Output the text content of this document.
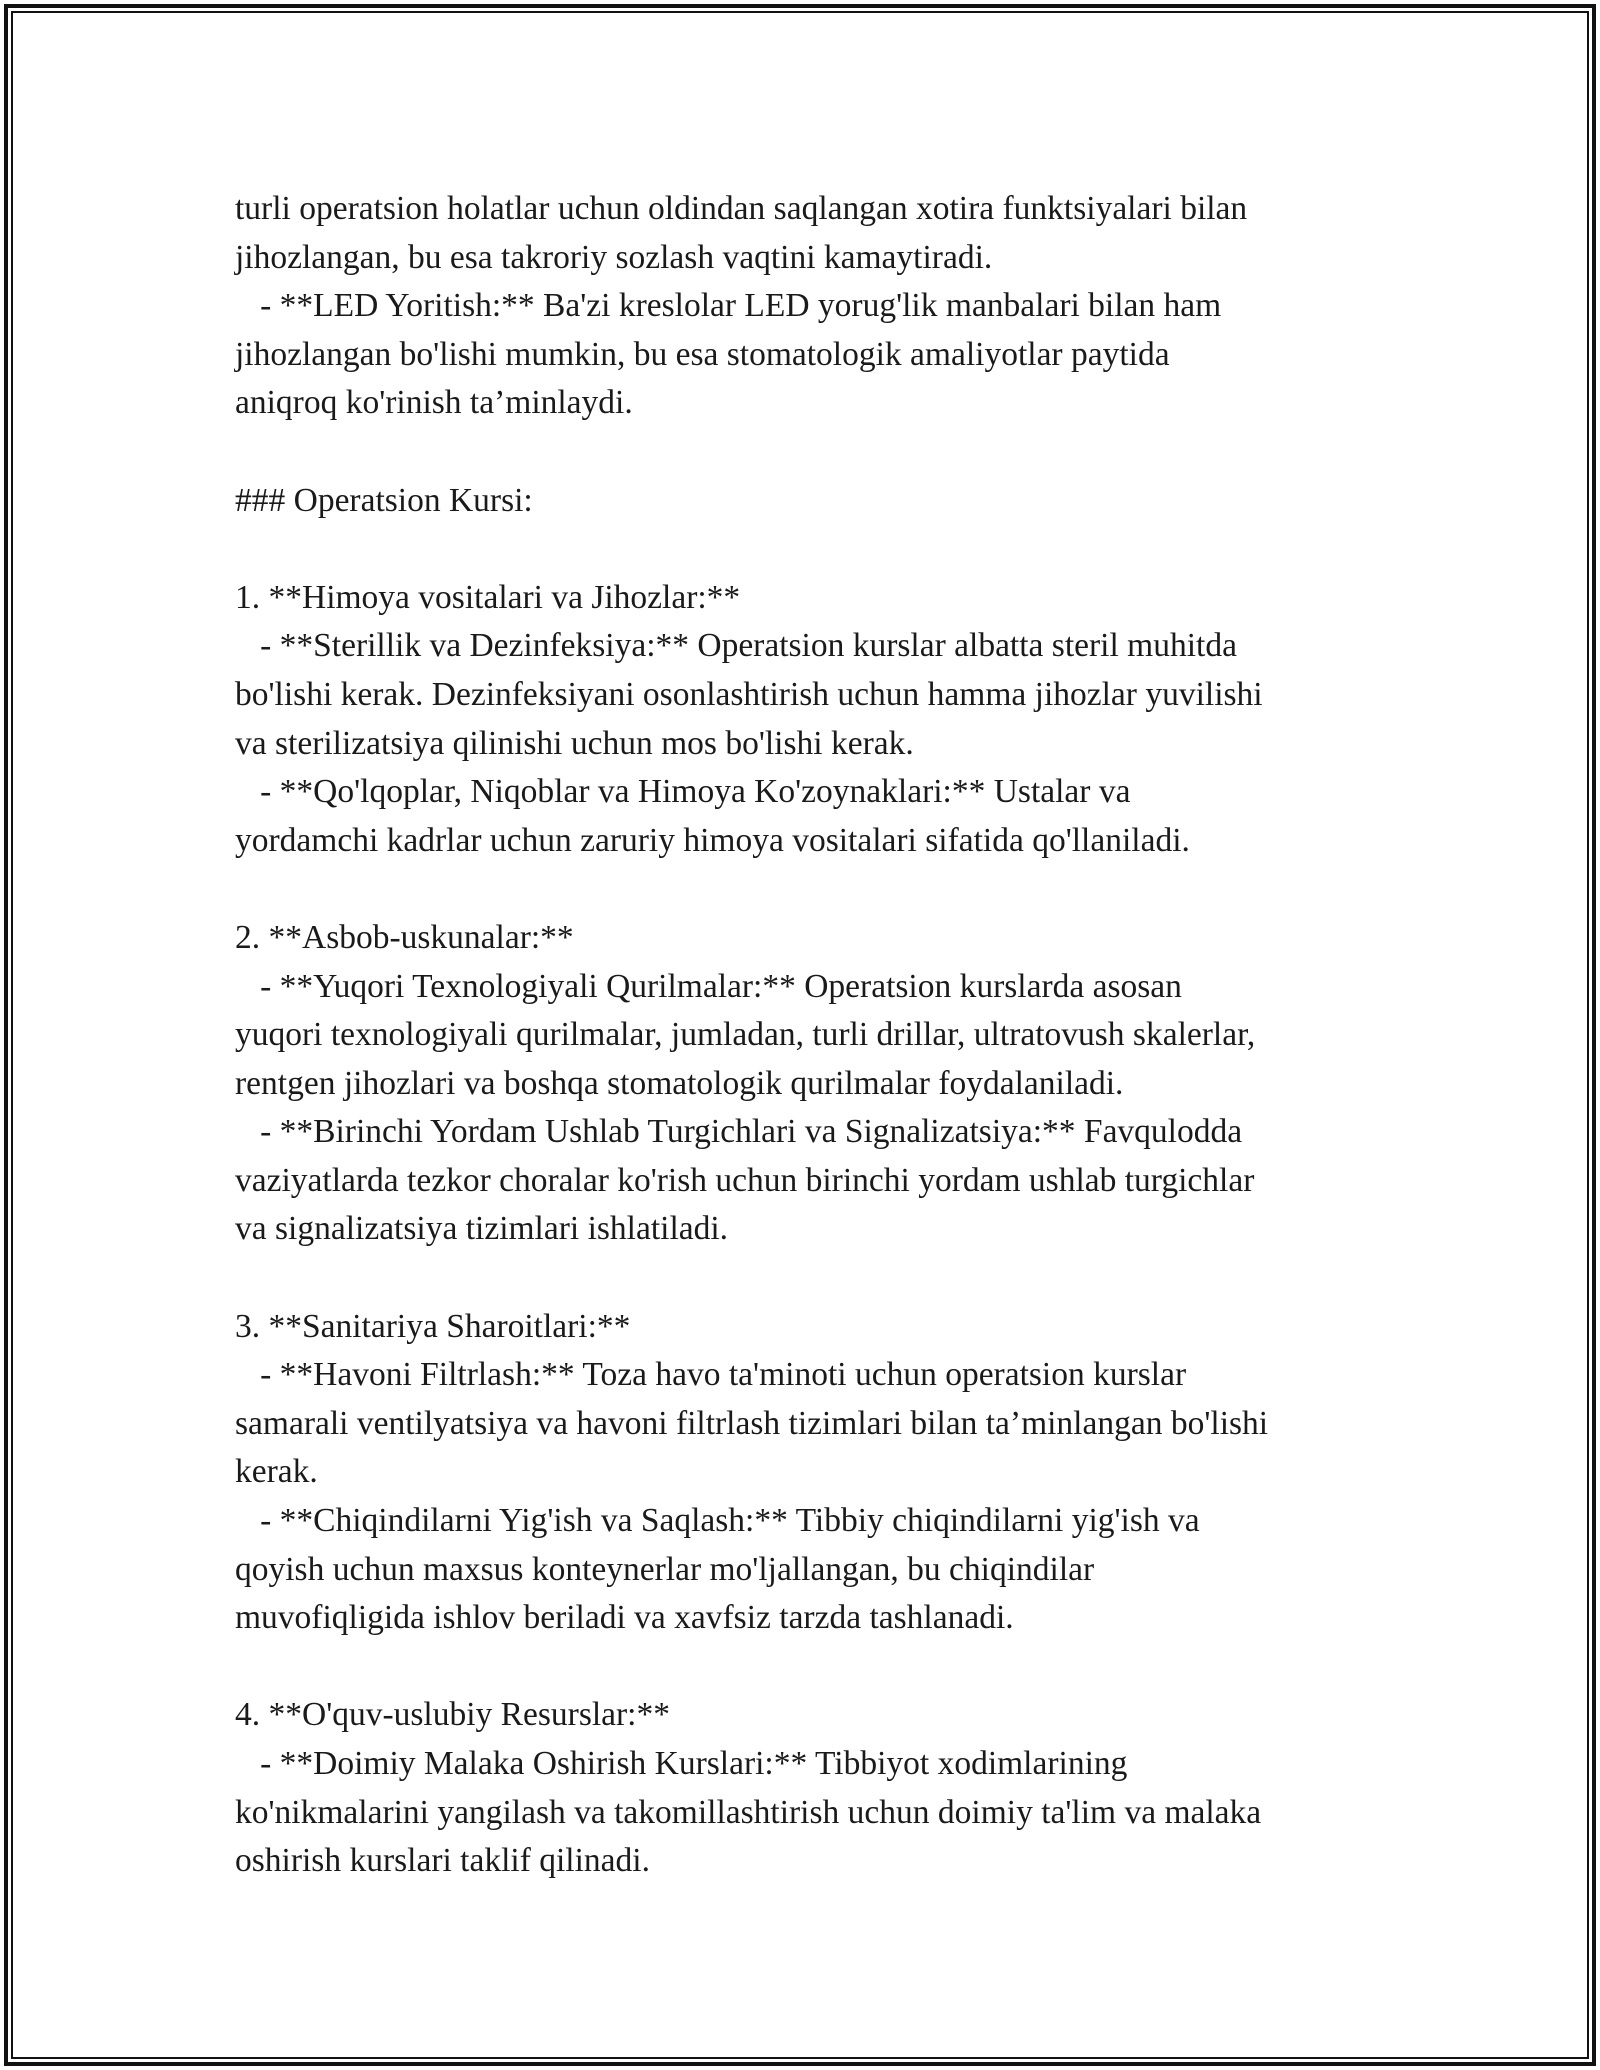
turli operatsion holatlar uchun oldindan saqlangan xotira funktsiyalari bilan
jihozlangan, bu esa takroriy sozlash vaqtini kamaytiradi.
- **LED Yoritish:** Ba'zi kreslolar LED yorug'lik manbalari bilan ham
jihozlangan bo'lishi mumkin, bu esa stomatologik amaliyotlar paytida
aniqroq ko'rinish ta’minlaydi.
### Operatsion Kursi:
1. **Himoya vositalari va Jihozlar:**
- **Sterillik va Dezinfeksiya:** Operatsion kurslar albatta steril muhitda
bo'lishi kerak. Dezinfeksiyani osonlashtirish uchun hamma jihozlar yuvilishi
va sterilizatsiya qilinishi uchun mos bo'lishi kerak.
- **Qo'lqoplar, Niqoblar va Himoya Ko'zoynaklari:** Ustalar va
yordamchi kadrlar uchun zaruriy himoya vositalari sifatida qo'llaniladi.
2. **Asbob-uskunalar:**
- **Yuqori Texnologiyali Qurilmalar:** Operatsion kurslarda asosan
yuqori texnologiyali qurilmalar, jumladan, turli drillar, ultratovush skalerlar,
rentgen jihozlari va boshqa stomatologik qurilmalar foydalaniladi.
- **Birinchi Yordam Ushlab Turgichlari va Signalizatsiya:** Favqulodda
vaziyatlarda tezkor choralar ko'rish uchun birinchi yordam ushlab turgichlar
va signalizatsiya tizimlari ishlatiladi.
3. **Sanitariya Sharoitlari:**
- **Havoni Filtrlash:** Toza havo ta'minoti uchun operatsion kurslar
samarali ventilyatsiya va havoni filtrlash tizimlari bilan ta’minlangan bo'lishi
kerak.
- **Chiqindilarni Yig'ish va Saqlash:** Tibbiy chiqindilarni yig'ish va
qoyish uchun maxsus konteynerlar mo'ljallangan, bu chiqindilar
muvofiqligida ishlov beriladi va xavfsiz tarzda tashlanadi.
4. **O'quv-uslubiy Resurslar:**
- **Doimiy Malaka Oshirish Kurslari:** Tibbiyot xodimlarining
ko'nikmalarini yangilash va takomillashtirish uchun doimiy ta'lim va malaka
oshirish kurslari taklif qilinadi.
